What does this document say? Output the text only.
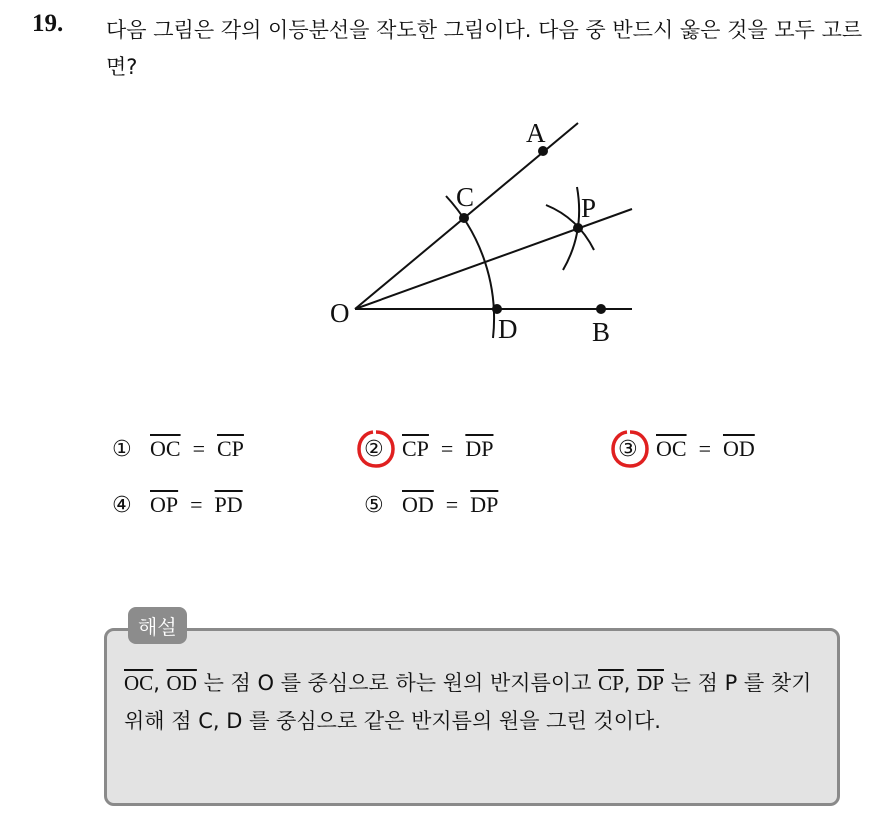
19. 다음 그림은 각의 이등분선을 작도한 그림이다. 다음 중 반드시 옳은 것을 모두 고르면?
A
C	P
O
D	B
① $\overline{OC} = \overline{CP}$	② $\overline{CP} = \overline{DP}$	③ $\overline{OC} = \overline{OD}$
④ $\overline{OP} = \overline{PD}$	⑤ $\overline{OD} = \overline{DP}$
해설
$\overline{OC}$, $\overline{OD}$ 는 점 O 를 중심으로 하는 원의 반지름이고 $\overline{CP}$, $\overline{DP}$ 는 점 P 를 찾기 위해 점 C, D 를 중심으로 같은 반지름의 원을 그린 것이다.
